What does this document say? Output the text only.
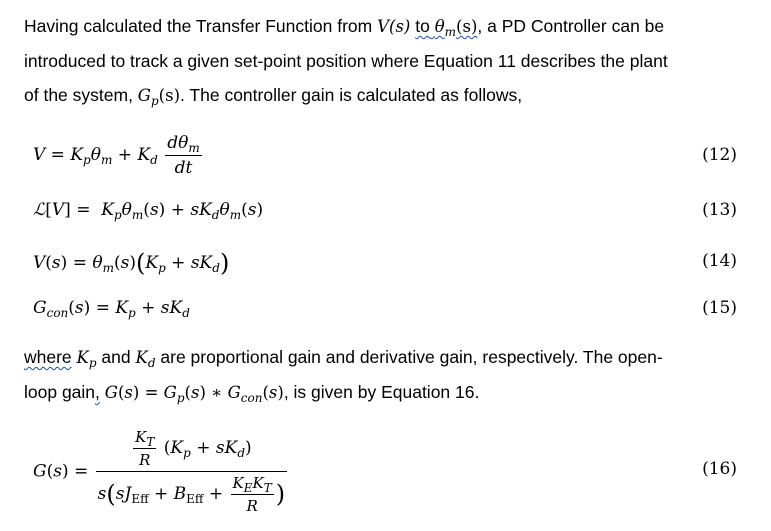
Having calculated the Transfer Function from V(s) to $\theta_m(s)$, a PD Controller can be
introduced to track a given set-point position where Equation 11 describes the plant
of the system, $G_p(s)$. The controller gain is calculated as follows,
$V = K_p\theta_m + K_d \frac{d\theta_m}{dt}$	(12)
ℒ[V] =  $K_p\theta_m(s) + sK_d\theta_m(s)$	(13)
$V(s) = \theta_m(s)(K_p + sK_d)$	(14)
$G_{con}(s) = K_p + sK_d$	(15)
where $K_p$ and $K_d$ are proportional gain and derivative gain, respectively. The open-
loop gain, $G(s) = G_p(s)$ ∗ $G_{con}(s)$, is given by Equation 16.
$G(s) = \frac{\frac{K_T}{R} (K_p + sK_d)}{s(sJ_{Eff} + B_{Eff} + \frac{K_EK_T}{R} )}$	(16)
